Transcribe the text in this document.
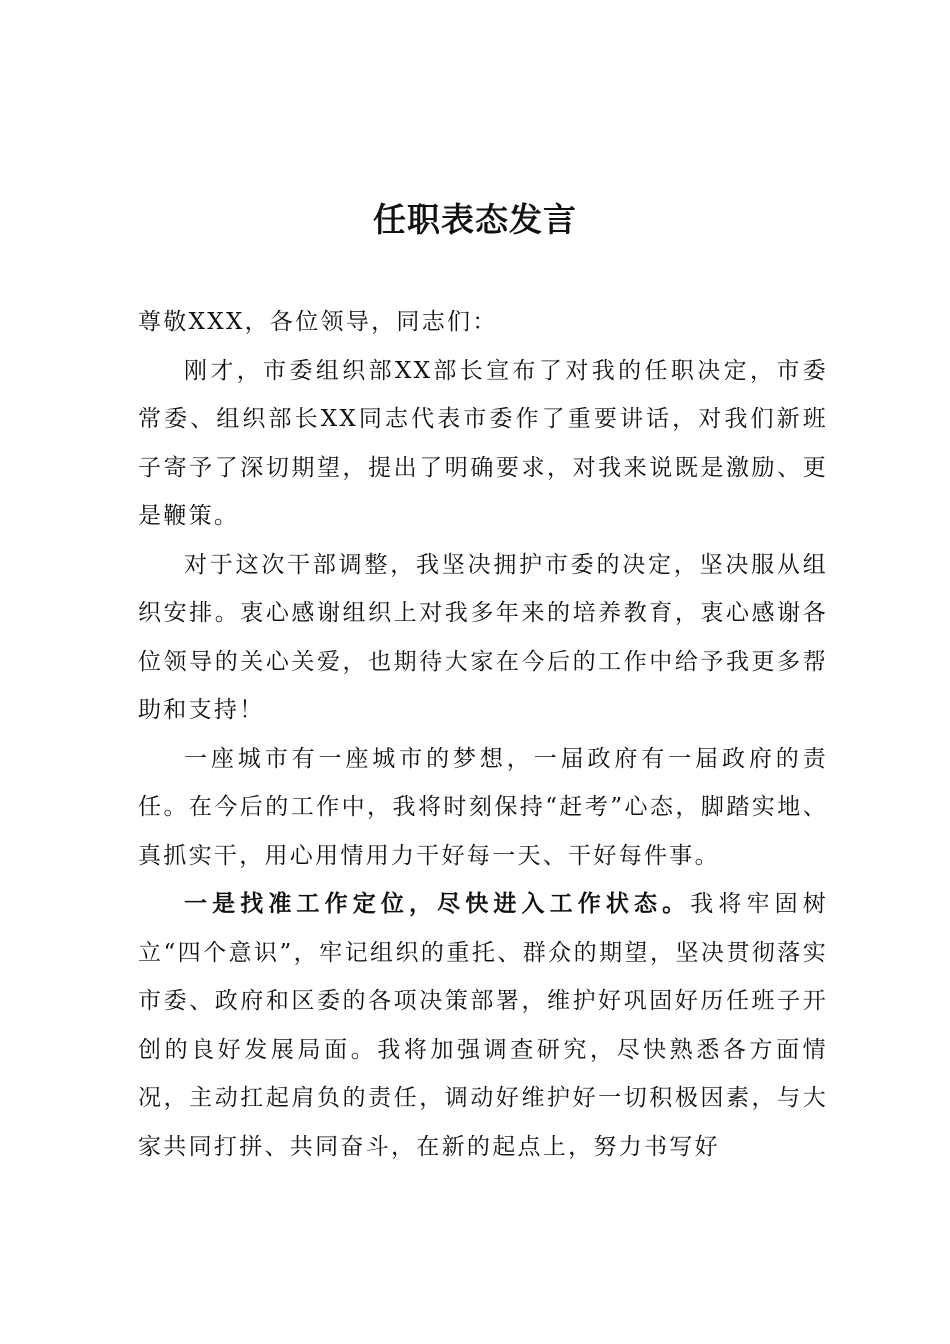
任职表态发言

尊敬XXX，各位领导，同志们：

刚才，市委组织部XX部长宣布了对我的任职决定，市委常委、组织部长XX同志代表市委作了重要讲话，对我们新班子寄予了深切期望，提出了明确要求，对我来说既是激励、更是鞭策。

对于这次干部调整，我坚决拥护市委的决定，坚决服从组织安排。衷心感谢组织上对我多年来的培养教育，衷心感谢各位领导的关心关爱，也期待大家在今后的工作中给予我更多帮助和支持！

一座城市有一座城市的梦想，一届政府有一届政府的责任。在今后的工作中，我将时刻保持“赶考”心态，脚踏实地、真抓实干，用心用情用力干好每一天、干好每件事。

一是找准工作定位，尽快进入工作状态。我将牢固树立“四个意识”，牢记组织的重托、群众的期望，坚决贯彻落实市委、政府和区委的各项决策部署，维护好巩固好历任班子开创的良好发展局面。我将加强调查研究，尽快熟悉各方面情况，主动扛起肩负的责任，调动好维护好一切积极因素，与大家共同打拼、共同奋斗，在新的起点上，努力书写好
